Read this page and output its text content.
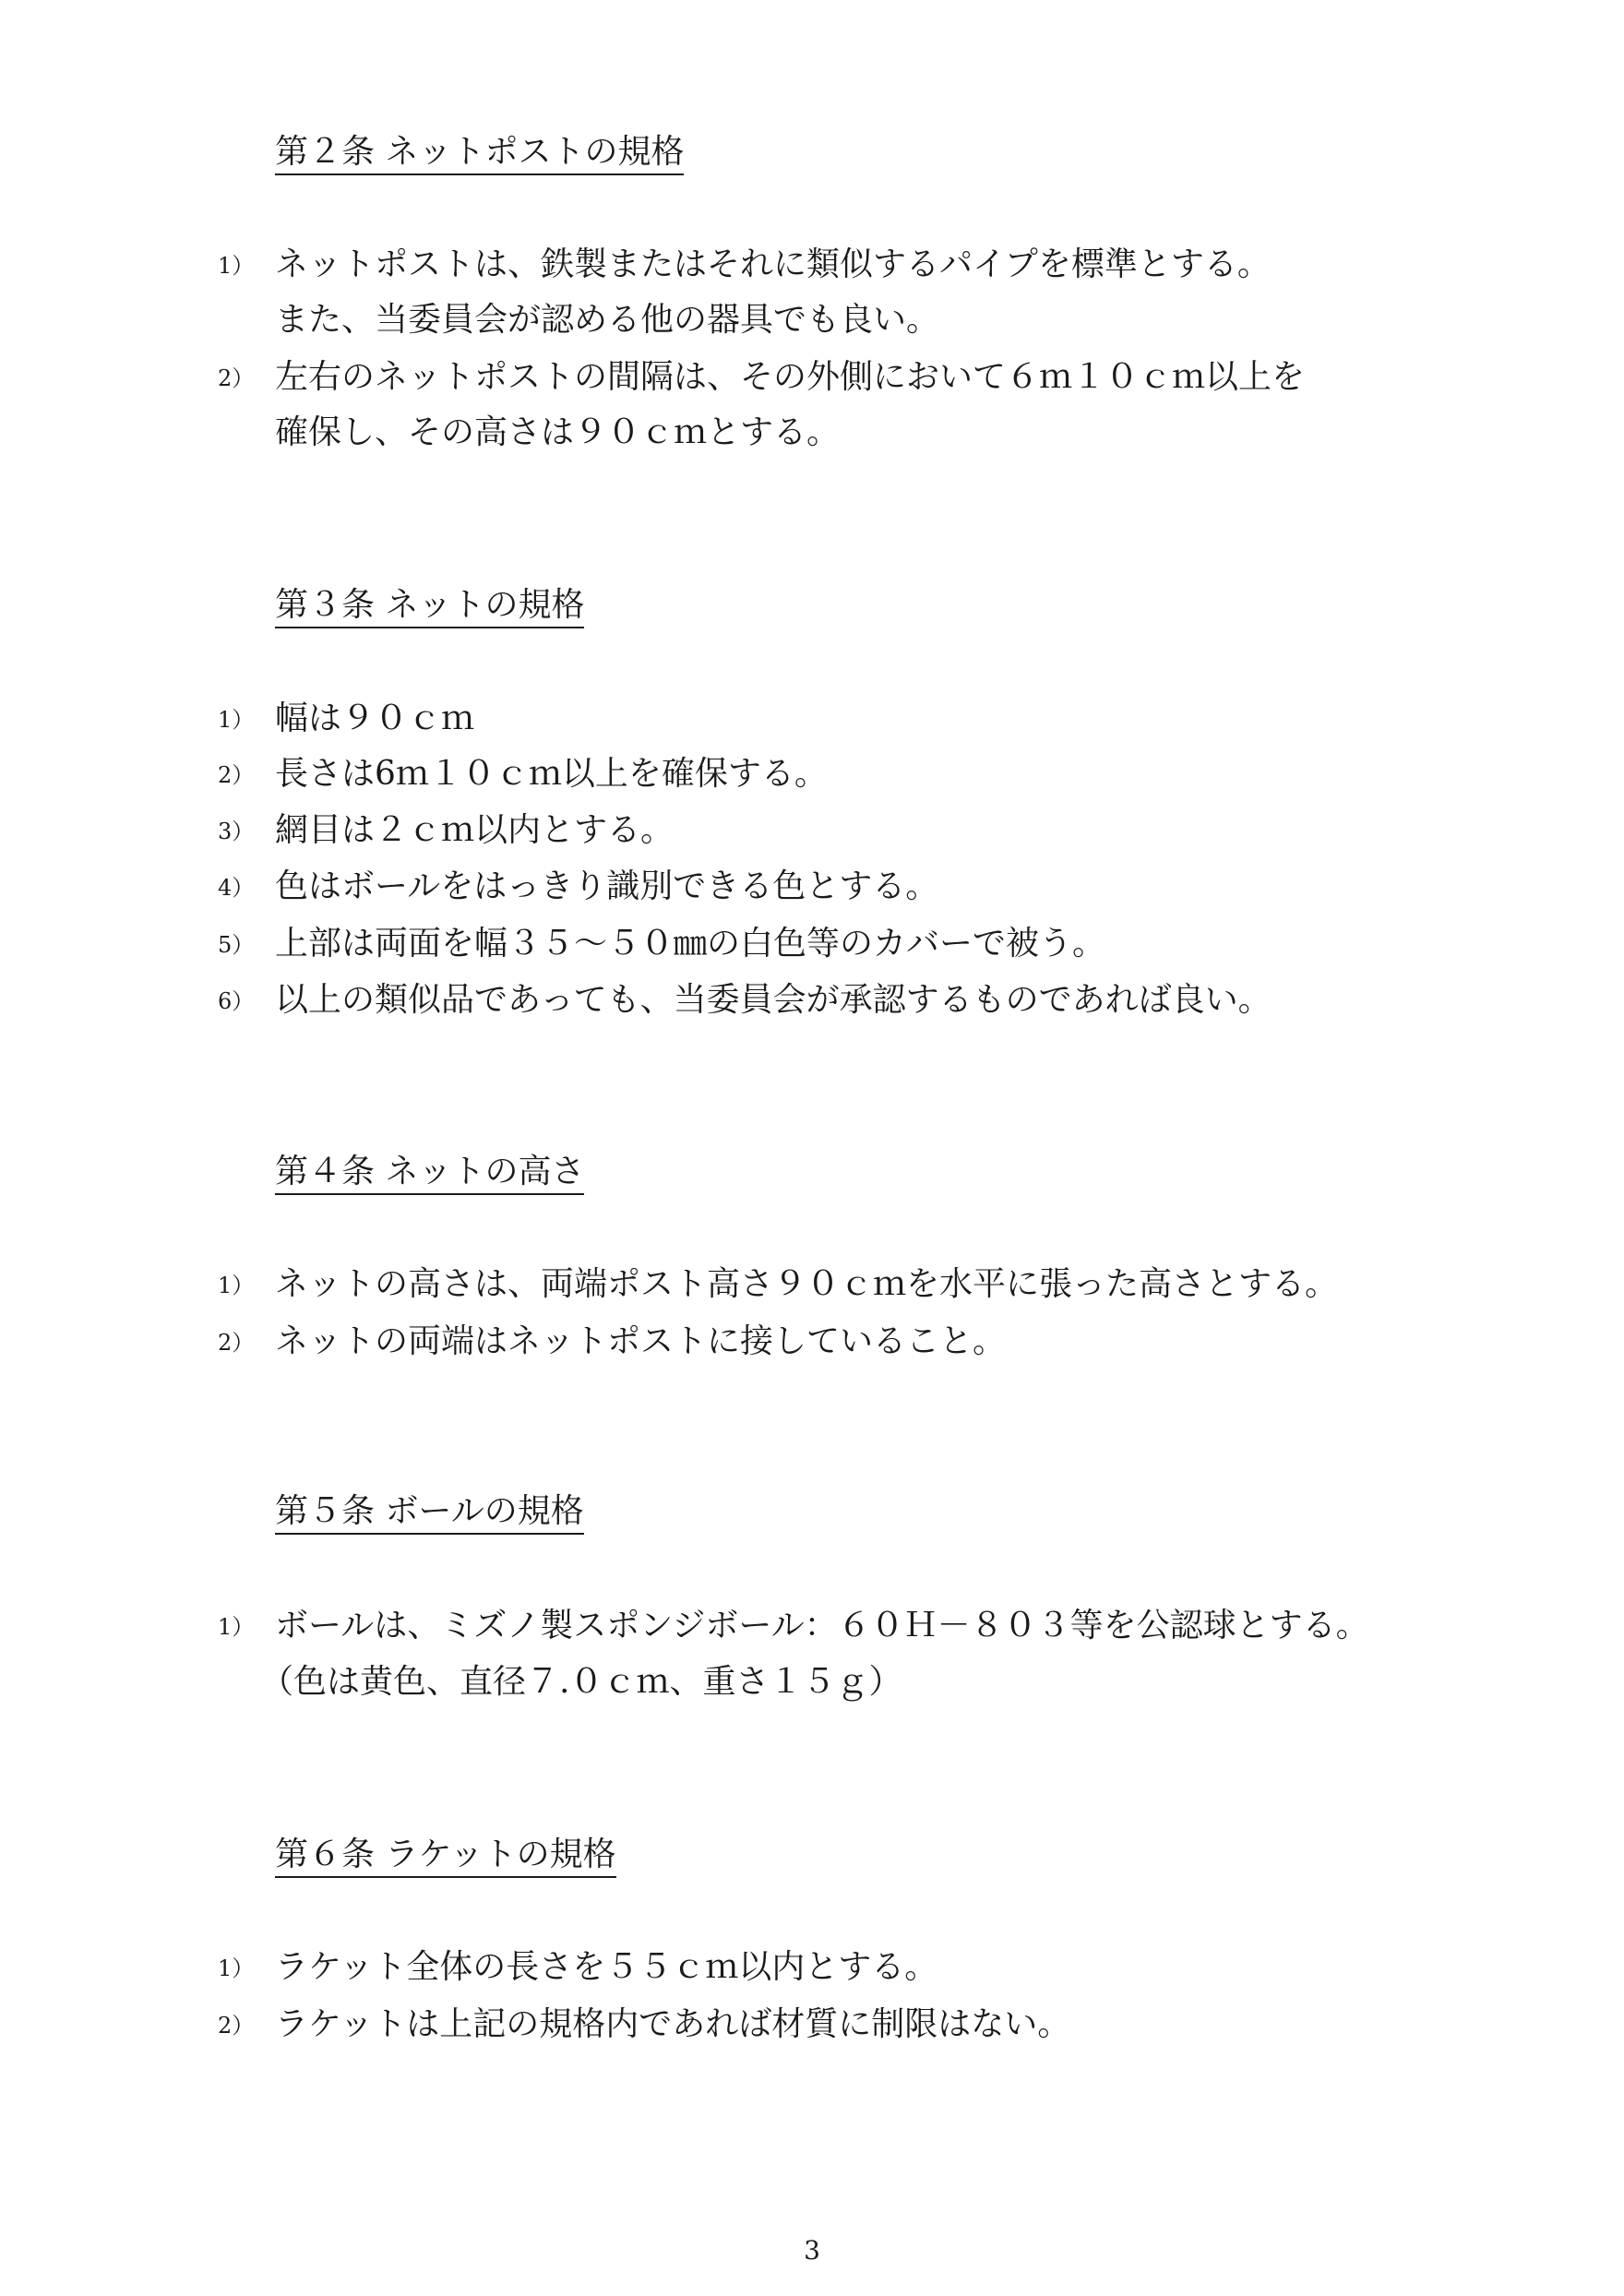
第２条 ネットポストの規格
1） ネットポストは、鉄製またはそれに類似するパイプを標準とする。
また、当委員会が認める他の器具でも良い。
2） 左右のネットポストの間隔は、その外側において６ｍ１０ｃｍ以上を
確保し、その高さは９０ｃｍとする。
第３条 ネットの規格
1） 幅は９０ｃｍ
2） 長さは6ｍ１０ｃｍ以上を確保する。
3） 網目は２ｃｍ以内とする。
4） 色はボールをはっきり識別できる色とする。
5） 上部は両面を幅３５～５０㎜の白色等のカバーで被う。
6） 以上の類似品であっても、当委員会が承認するものであれば良い。
第４条 ネットの高さ
1） ネットの高さは、両端ポスト高さ９０ｃｍを水平に張った高さとする。
2） ネットの両端はネットポストに接していること。
第５条 ボールの規格
1） ボールは、ミズノ製スポンジボール：６０Ｈ－８０３等を公認球とする。
（色は黄色、直径７.０ｃｍ、重さ１５ｇ）
第６条 ラケットの規格
1） ラケット全体の長さを５５ｃｍ以内とする。
2） ラケットは上記の規格内であれば材質に制限はない。
3
